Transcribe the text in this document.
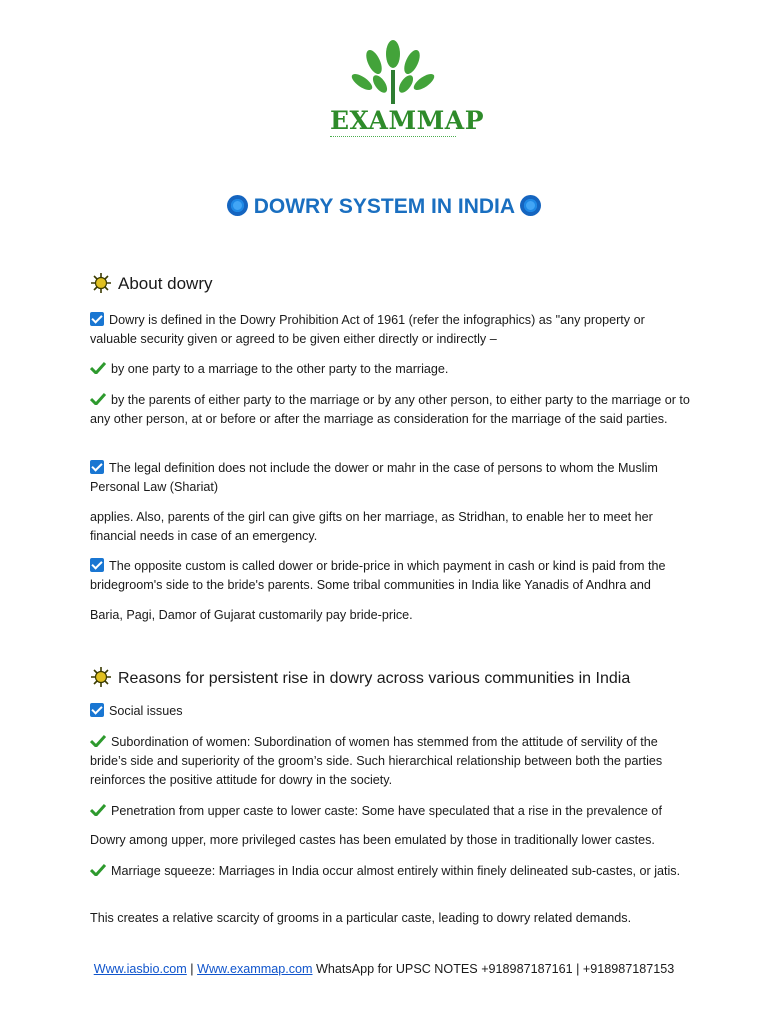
EXAMMAP
DOWRY SYSTEM IN INDIA
About dowry
Dowry is defined in the Dowry Prohibition Act of 1961 (refer the infographics) as "any property or valuable security given or agreed to be given either directly or indirectly –
by one party to a marriage to the other party to the marriage.
by the parents of either party to the marriage or by any other person, to either party to the marriage or to any other person, at or before or after the marriage as consideration for the marriage of the said parties.
The legal definition does not include the dower or mahr in the case of persons to whom the Muslim Personal Law (Shariat)
applies. Also, parents of the girl can give gifts on her marriage, as Stridhan, to enable her to meet her financial needs in case of an emergency.
The opposite custom is called dower or bride-price in which payment in cash or kind is paid from the bridegroom's side to the bride's parents. Some tribal communities in India like Yanadis of Andhra and
Baria, Pagi, Damor of Gujarat customarily pay bride-price.
Reasons for persistent rise in dowry across various communities in India
Social issues
Subordination of women: Subordination of women has stemmed from the attitude of servility of the bride’s side and superiority of the groom’s side. Such hierarchical relationship between both the parties reinforces the positive attitude for dowry in the society.
Penetration from upper caste to lower caste: Some have speculated that a rise in the prevalence of
Dowry among upper, more privileged castes has been emulated by those in traditionally lower castes.
Marriage squeeze: Marriages in India occur almost entirely within finely delineated sub-castes, or jatis.
This creates a relative scarcity of grooms in a particular caste, leading to dowry related demands.
Www.iasbio.com | Www.exammap.com WhatsApp for UPSC NOTES +918987187161 | +918987187153
